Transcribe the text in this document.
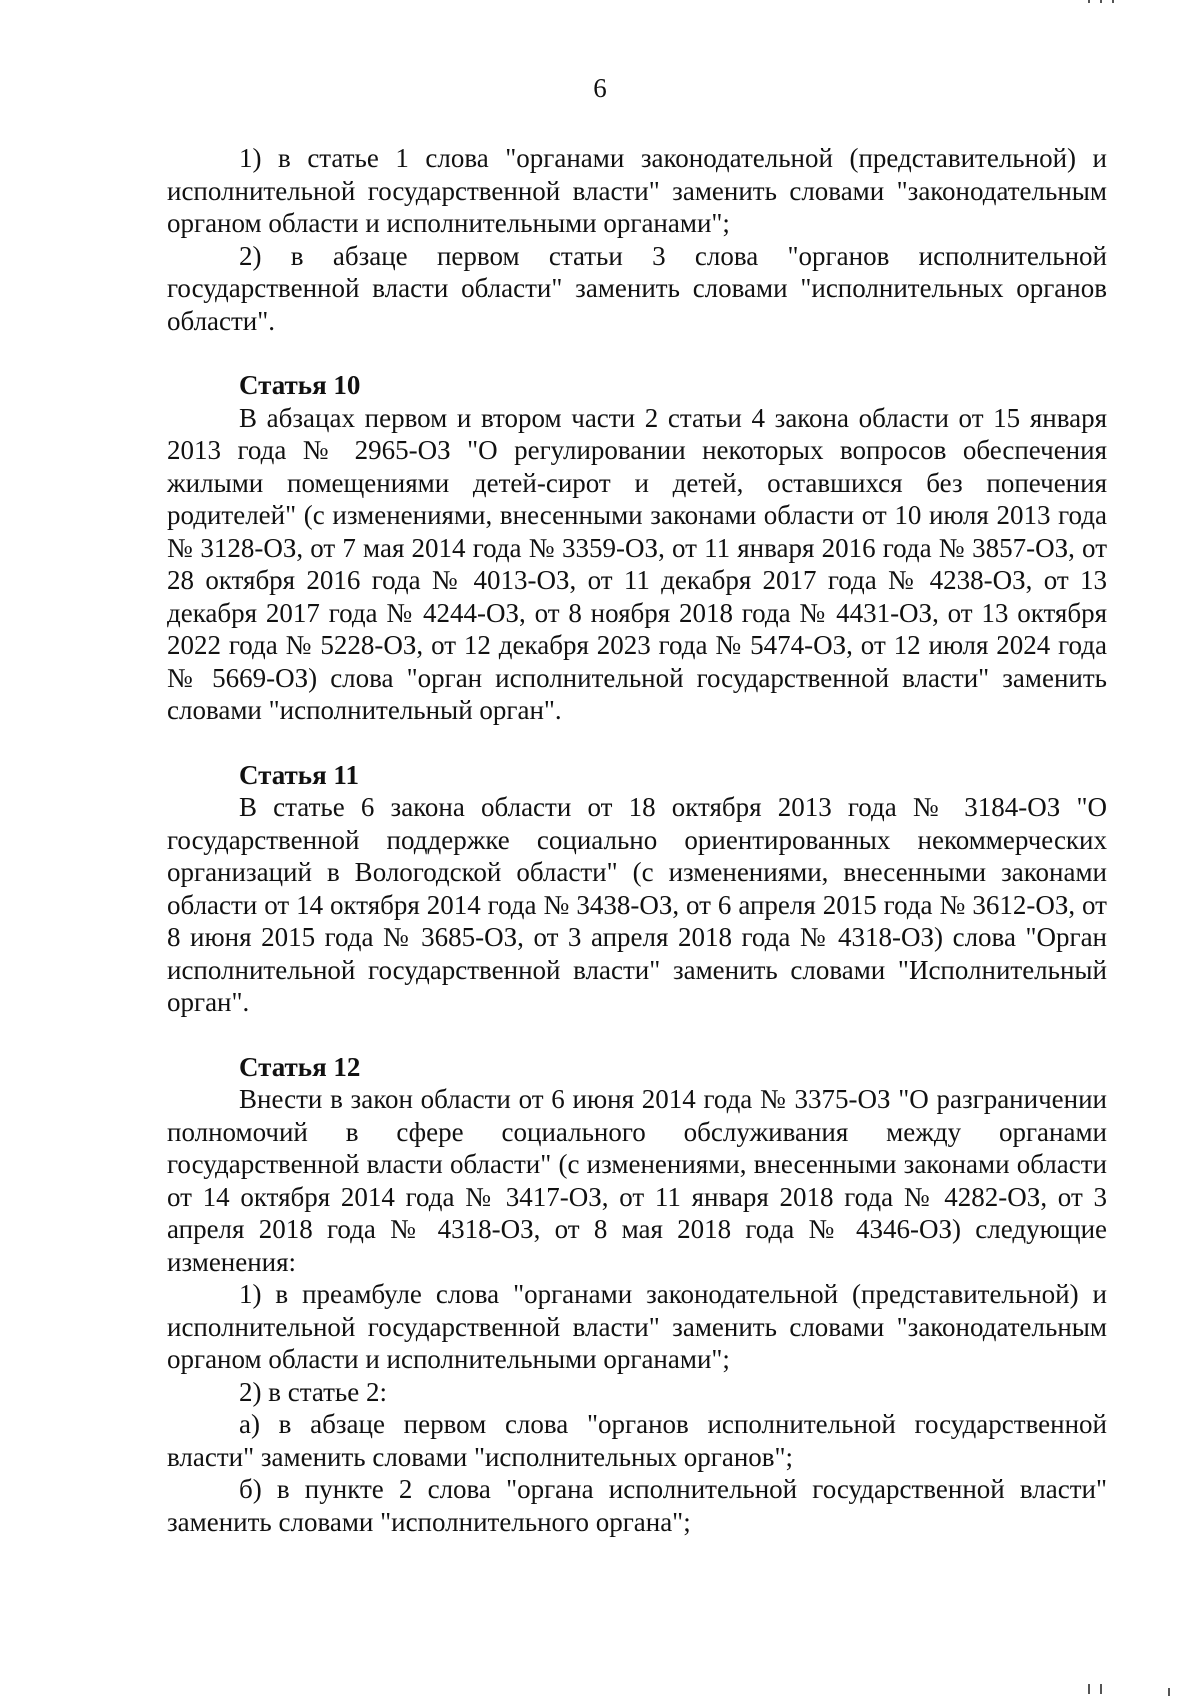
6

1) в статье 1 слова "органами законодательной (представительной) и исполнительной государственной власти" заменить словами "законодательным органом области и исполнительными органами";

2) в абзаце первом статьи 3 слова "органов исполнительной государственной власти области" заменить словами "исполнительных органов области".

Статья 10

В абзацах первом и втором части 2 статьи 4 закона области от 15 января 2013 года № 2965-ОЗ "О регулировании некоторых вопросов обеспечения жилыми помещениями детей-сирот и детей, оставшихся без попечения родителей" (с изменениями, внесенными законами области от 10 июля 2013 года № 3128-ОЗ, от 7 мая 2014 года № 3359-ОЗ, от 11 января 2016 года № 3857-ОЗ, от 28 октября 2016 года № 4013-ОЗ, от 11 декабря 2017 года № 4238-ОЗ, от 13 декабря 2017 года № 4244-ОЗ, от 8 ноября 2018 года № 4431-ОЗ, от 13 октября 2022 года № 5228-ОЗ, от 12 декабря 2023 года № 5474-ОЗ, от 12 июля 2024 года № 5669-ОЗ) слова "орган исполнительной государственной власти" заменить словами "исполнительный орган".

Статья 11

В статье 6 закона области от 18 октября 2013 года № 3184-ОЗ "О государственной поддержке социально ориентированных некоммерческих организаций в Вологодской области" (с изменениями, внесенными законами области от 14 октября 2014 года № 3438-ОЗ, от 6 апреля 2015 года № 3612-ОЗ, от 8 июня 2015 года № 3685-ОЗ, от 3 апреля 2018 года № 4318-ОЗ) слова "Орган исполнительной государственной власти" заменить словами "Исполнительный орган".

Статья 12

Внести в закон области от 6 июня 2014 года № 3375-ОЗ "О разграничении полномочий в сфере социального обслуживания между органами государственной власти области" (с изменениями, внесенными законами области от 14 октября 2014 года № 3417-ОЗ, от 11 января 2018 года № 4282-ОЗ, от 3 апреля 2018 года № 4318-ОЗ, от 8 мая 2018 года № 4346-ОЗ) следующие изменения:

1) в преамбуле слова "органами законодательной (представительной) и исполнительной государственной власти" заменить словами "законодательным органом области и исполнительными органами";

2) в статье 2:

а) в абзаце первом слова "органов исполнительной государственной власти" заменить словами "исполнительных органов";

б) в пункте 2 слова "органа исполнительной государственной власти" заменить словами "исполнительного органа";
